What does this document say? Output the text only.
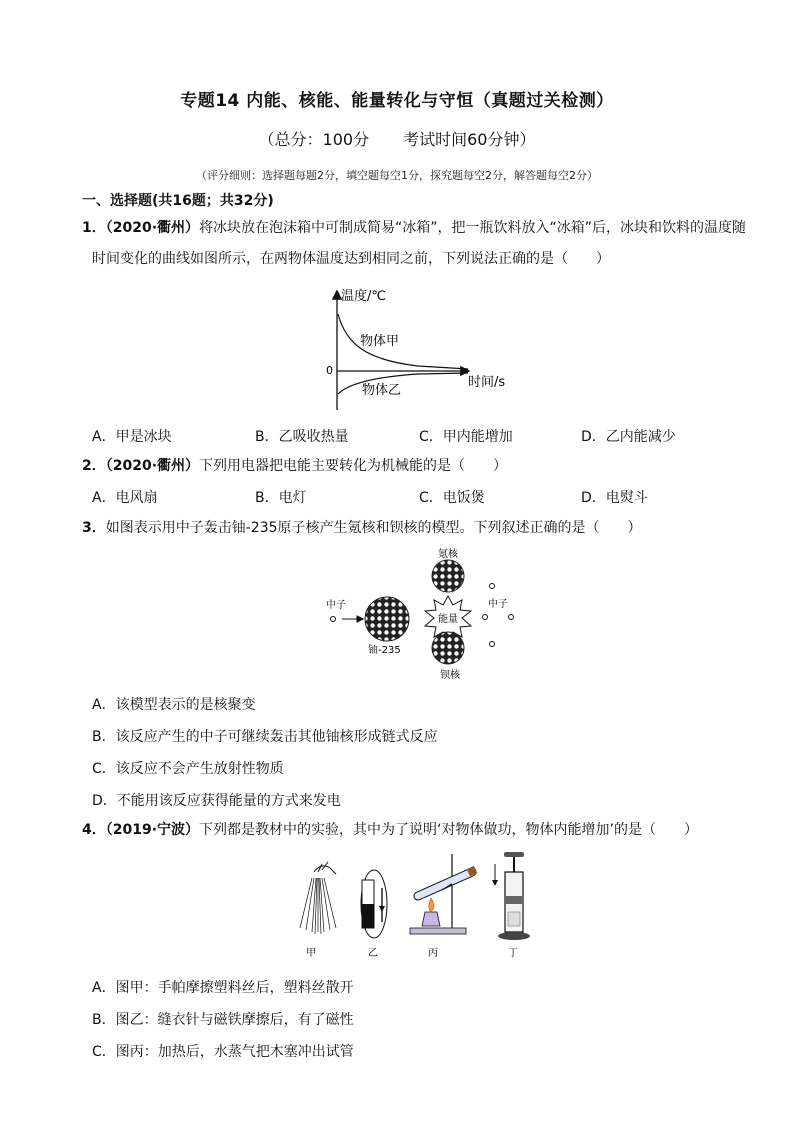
专题14 内能、核能、能量转化与守恒（真题过关检测）
（总分：100分 考试时间60分钟）
（评分细则：选择题每题2分，填空题每空1分，探究题每空2分，解答题每空2分）
一、选择题(共16题；共32分)
1．（2020·衢州）将冰块放在泡沫箱中可制成简易“冰箱”，把一瓶饮料放入“冰箱”后，冰块和饮料的温度随
时间变化的曲线如图所示，在两物体温度达到相同之前，下列说法正确的是（　　）
温度/℃
时间/s
0
物体甲
物体乙
A．甲是冰块	B．乙吸收热量	C．甲内能增加	D．乙内能减少
2．（2020·衢州）下列用电器把电能主要转化为机械能的是（　　）
A．电风扇	B．电灯	C．电饭煲	D．电熨斗
3．如图表示用中子轰击铀-235原子核产生氪核和钡核的模型。下列叙述正确的是（　　）
中子
铀-235
能量
氪核
钡核
中子
A．该模型表示的是核聚变
B．该反应产生的中子可继续轰击其他铀核形成链式反应
C．该反应不会产生放射性物质
D．不能用该反应获得能量的方式来发电
4．（2019·宁波）下列都是教材中的实验，其中为了说明‘对物体做功，物体内能增加’的是（　　）
甲	乙	丙	丁
A．图甲：手帕摩擦塑料丝后，塑料丝散开
B．图乙：缝衣针与磁铁摩擦后，有了磁性
C．图丙：加热后，水蒸气把木塞冲出试管
